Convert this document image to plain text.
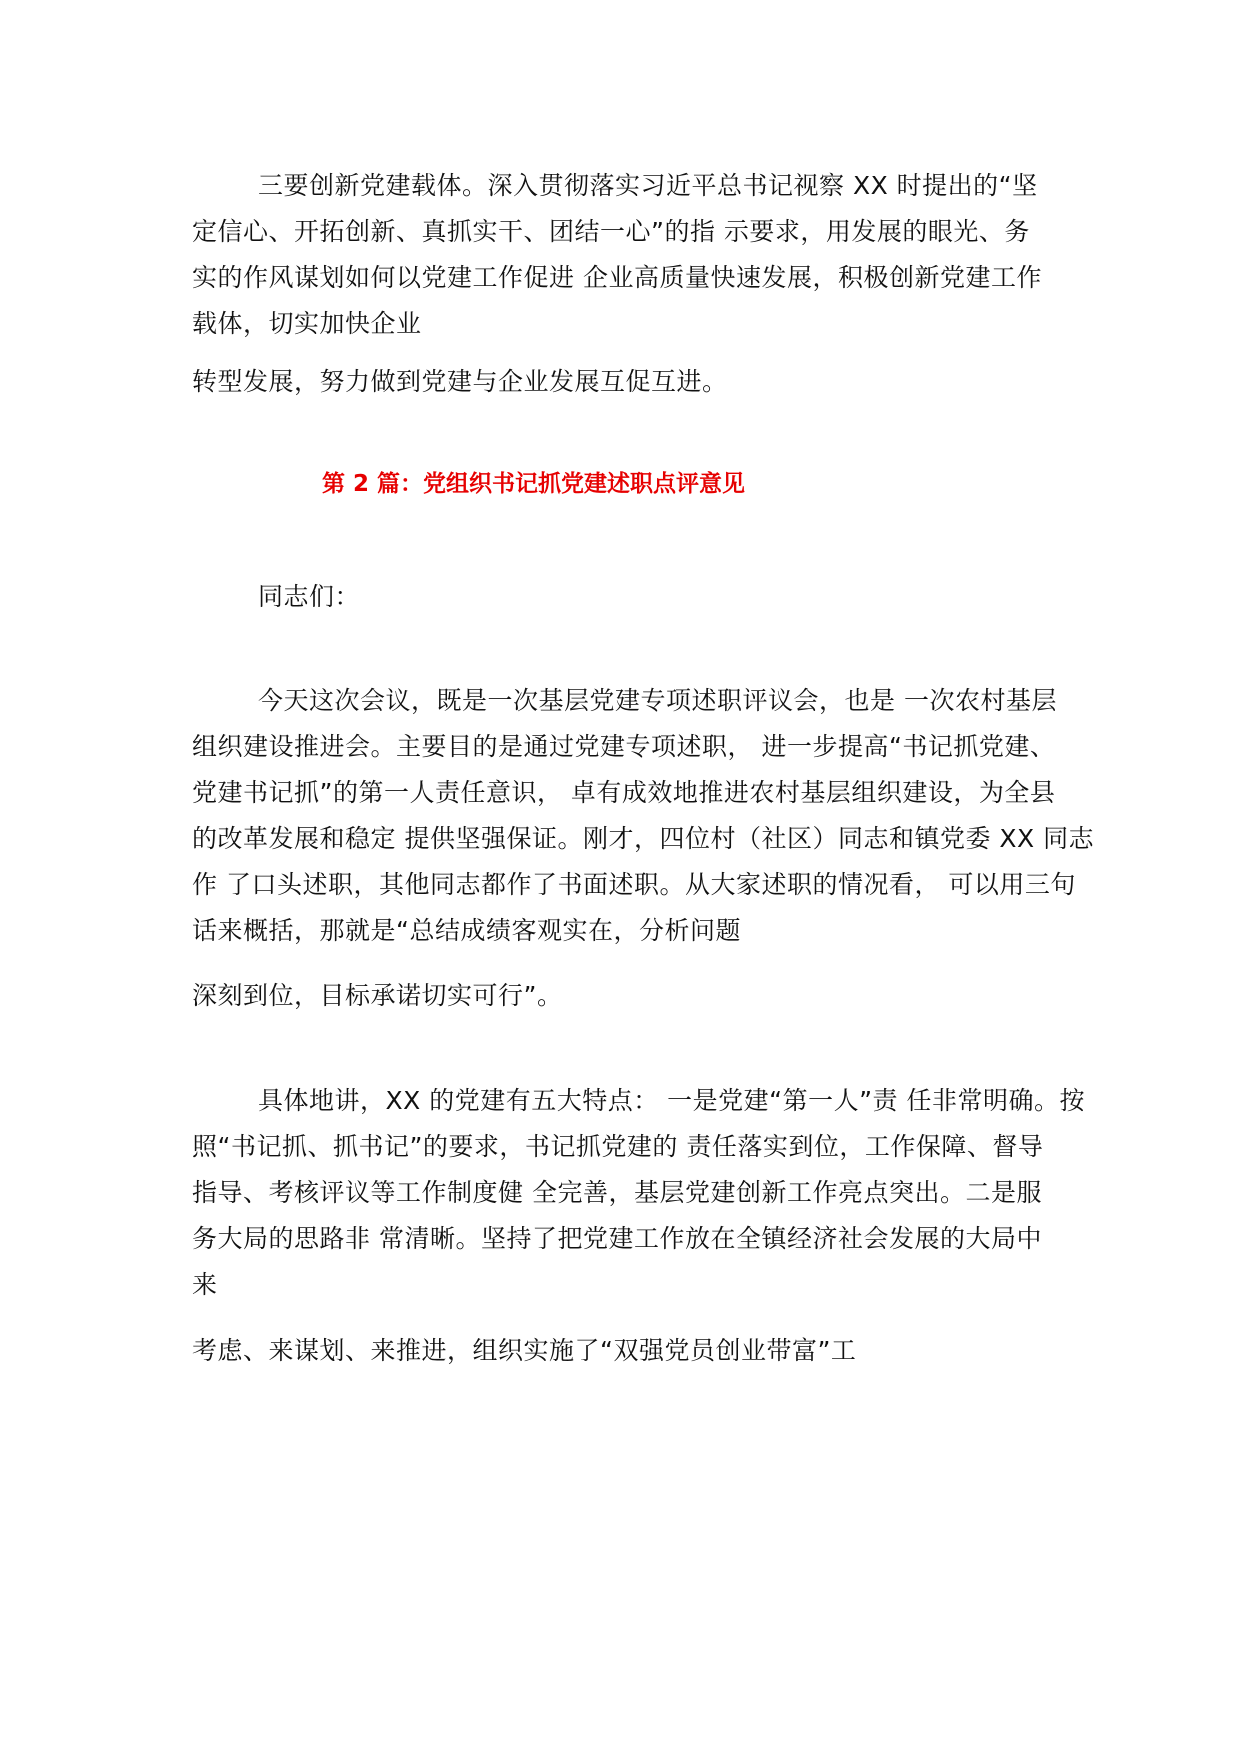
三要创新党建载体。深入贯彻落实习近平总书记视察 XX 时提出的“坚
定信心、开拓创新、真抓实干、团结一心”的指 示要求，用发展的眼光、务
实的作风谋划如何以党建工作促进 企业高质量快速发展，积极创新党建工作
载体，切实加快企业
转型发展，努力做到党建与企业发展互促互进。
第 2 篇：党组织书记抓党建述职点评意见
同志们：
今天这次会议，既是一次基层党建专项述职评议会，也是 一次农村基层
组织建设推进会。主要目的是通过党建专项述职， 进一步提高“书记抓党建、
党建书记抓”的第一人责任意识， 卓有成效地推进农村基层组织建设，为全县
的改革发展和稳定 提供坚强保证。刚才，四位村（社区）同志和镇党委 XX 同志
作 了口头述职，其他同志都作了书面述职。从大家述职的情况看， 可以用三句
话来概括，那就是“总结成绩客观实在，分析问题
深刻到位，目标承诺切实可行”。
具体地讲，XX 的党建有五大特点： 一是党建“第一人”责 任非常明确。按
照“书记抓、抓书记”的要求，书记抓党建的 责任落实到位，工作保障、督导
指导、考核评议等工作制度健 全完善，基层党建创新工作亮点突出。二是服
务大局的思路非 常清晰。坚持了把党建工作放在全镇经济社会发展的大局中
来
考虑、来谋划、来推进，组织实施了“双强党员创业带富”工
